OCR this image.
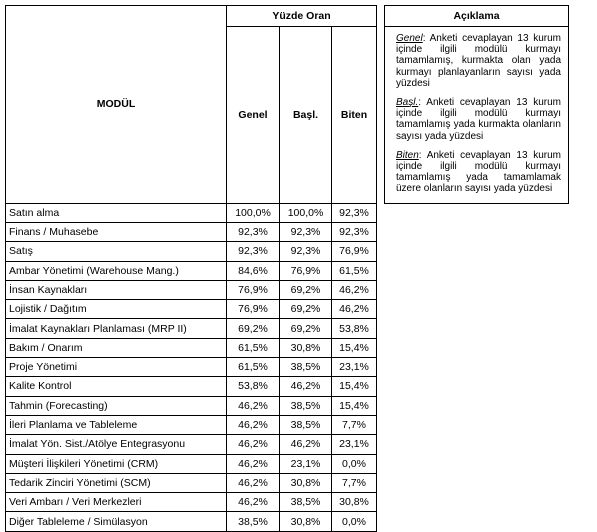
MODÜL	Yüzde Oran				Açıklama
	Genel	Başl.	Biten		Genel: Anketi cevaplayan 13 kurum içinde ilgili modülü kurmayı tamamlamış, kurmakta olan yada kurmayı planlayanların sayısı yada yüzdesi

Başl.: Anketi cevaplayan 13 kurum içinde ilgili modülü kurmayı tamamlamış yada kurmakta olanların sayısı yada yüzdesi

Biten: Anketi cevaplayan 13 kurum içinde ilgili modülü kurmayı tamamlamış yada tamamlamak üzere olanların sayısı yada yüzdesi

Satın alma	100,0%	100,0%	92,3%		
Finans / Muhasebe	92,3%	92,3%	92,3%		
Satış	92,3%	92,3%	76,9%		
Ambar Yönetimi (Warehouse Mang.)	84,6%	76,9%	61,5%		
İnsan Kaynakları	76,9%	69,2%	46,2%		
Lojistik / Dağıtım	76,9%	69,2%	46,2%		
İmalat Kaynakları Planlaması (MRP II)	69,2%	69,2%	53,8%		
Bakım / Onarım	61,5%	30,8%	15,4%		
Proje Yönetimi	61,5%	38,5%	23,1%		
Kalite Kontrol	53,8%	46,2%	15,4%		
Tahmin (Forecasting)	46,2%	38,5%	15,4%		
İleri Planlama ve Tableleme	46,2%	38,5%	7,7%		
İmalat Yön. Sist./Atölye Entegrasyonu	46,2%	46,2%	23,1%		
Müşteri İlişkileri Yönetimi (CRM)	46,2%	23,1%	0,0%		
Tedarik Zinciri Yönetimi (SCM)	46,2%	30,8%	7,7%		
Veri Ambarı / Veri Merkezleri	46,2%	38,5%	30,8%		
Diğer Tableleme / Simülasyon	38,5%	30,8%	0,0%		
